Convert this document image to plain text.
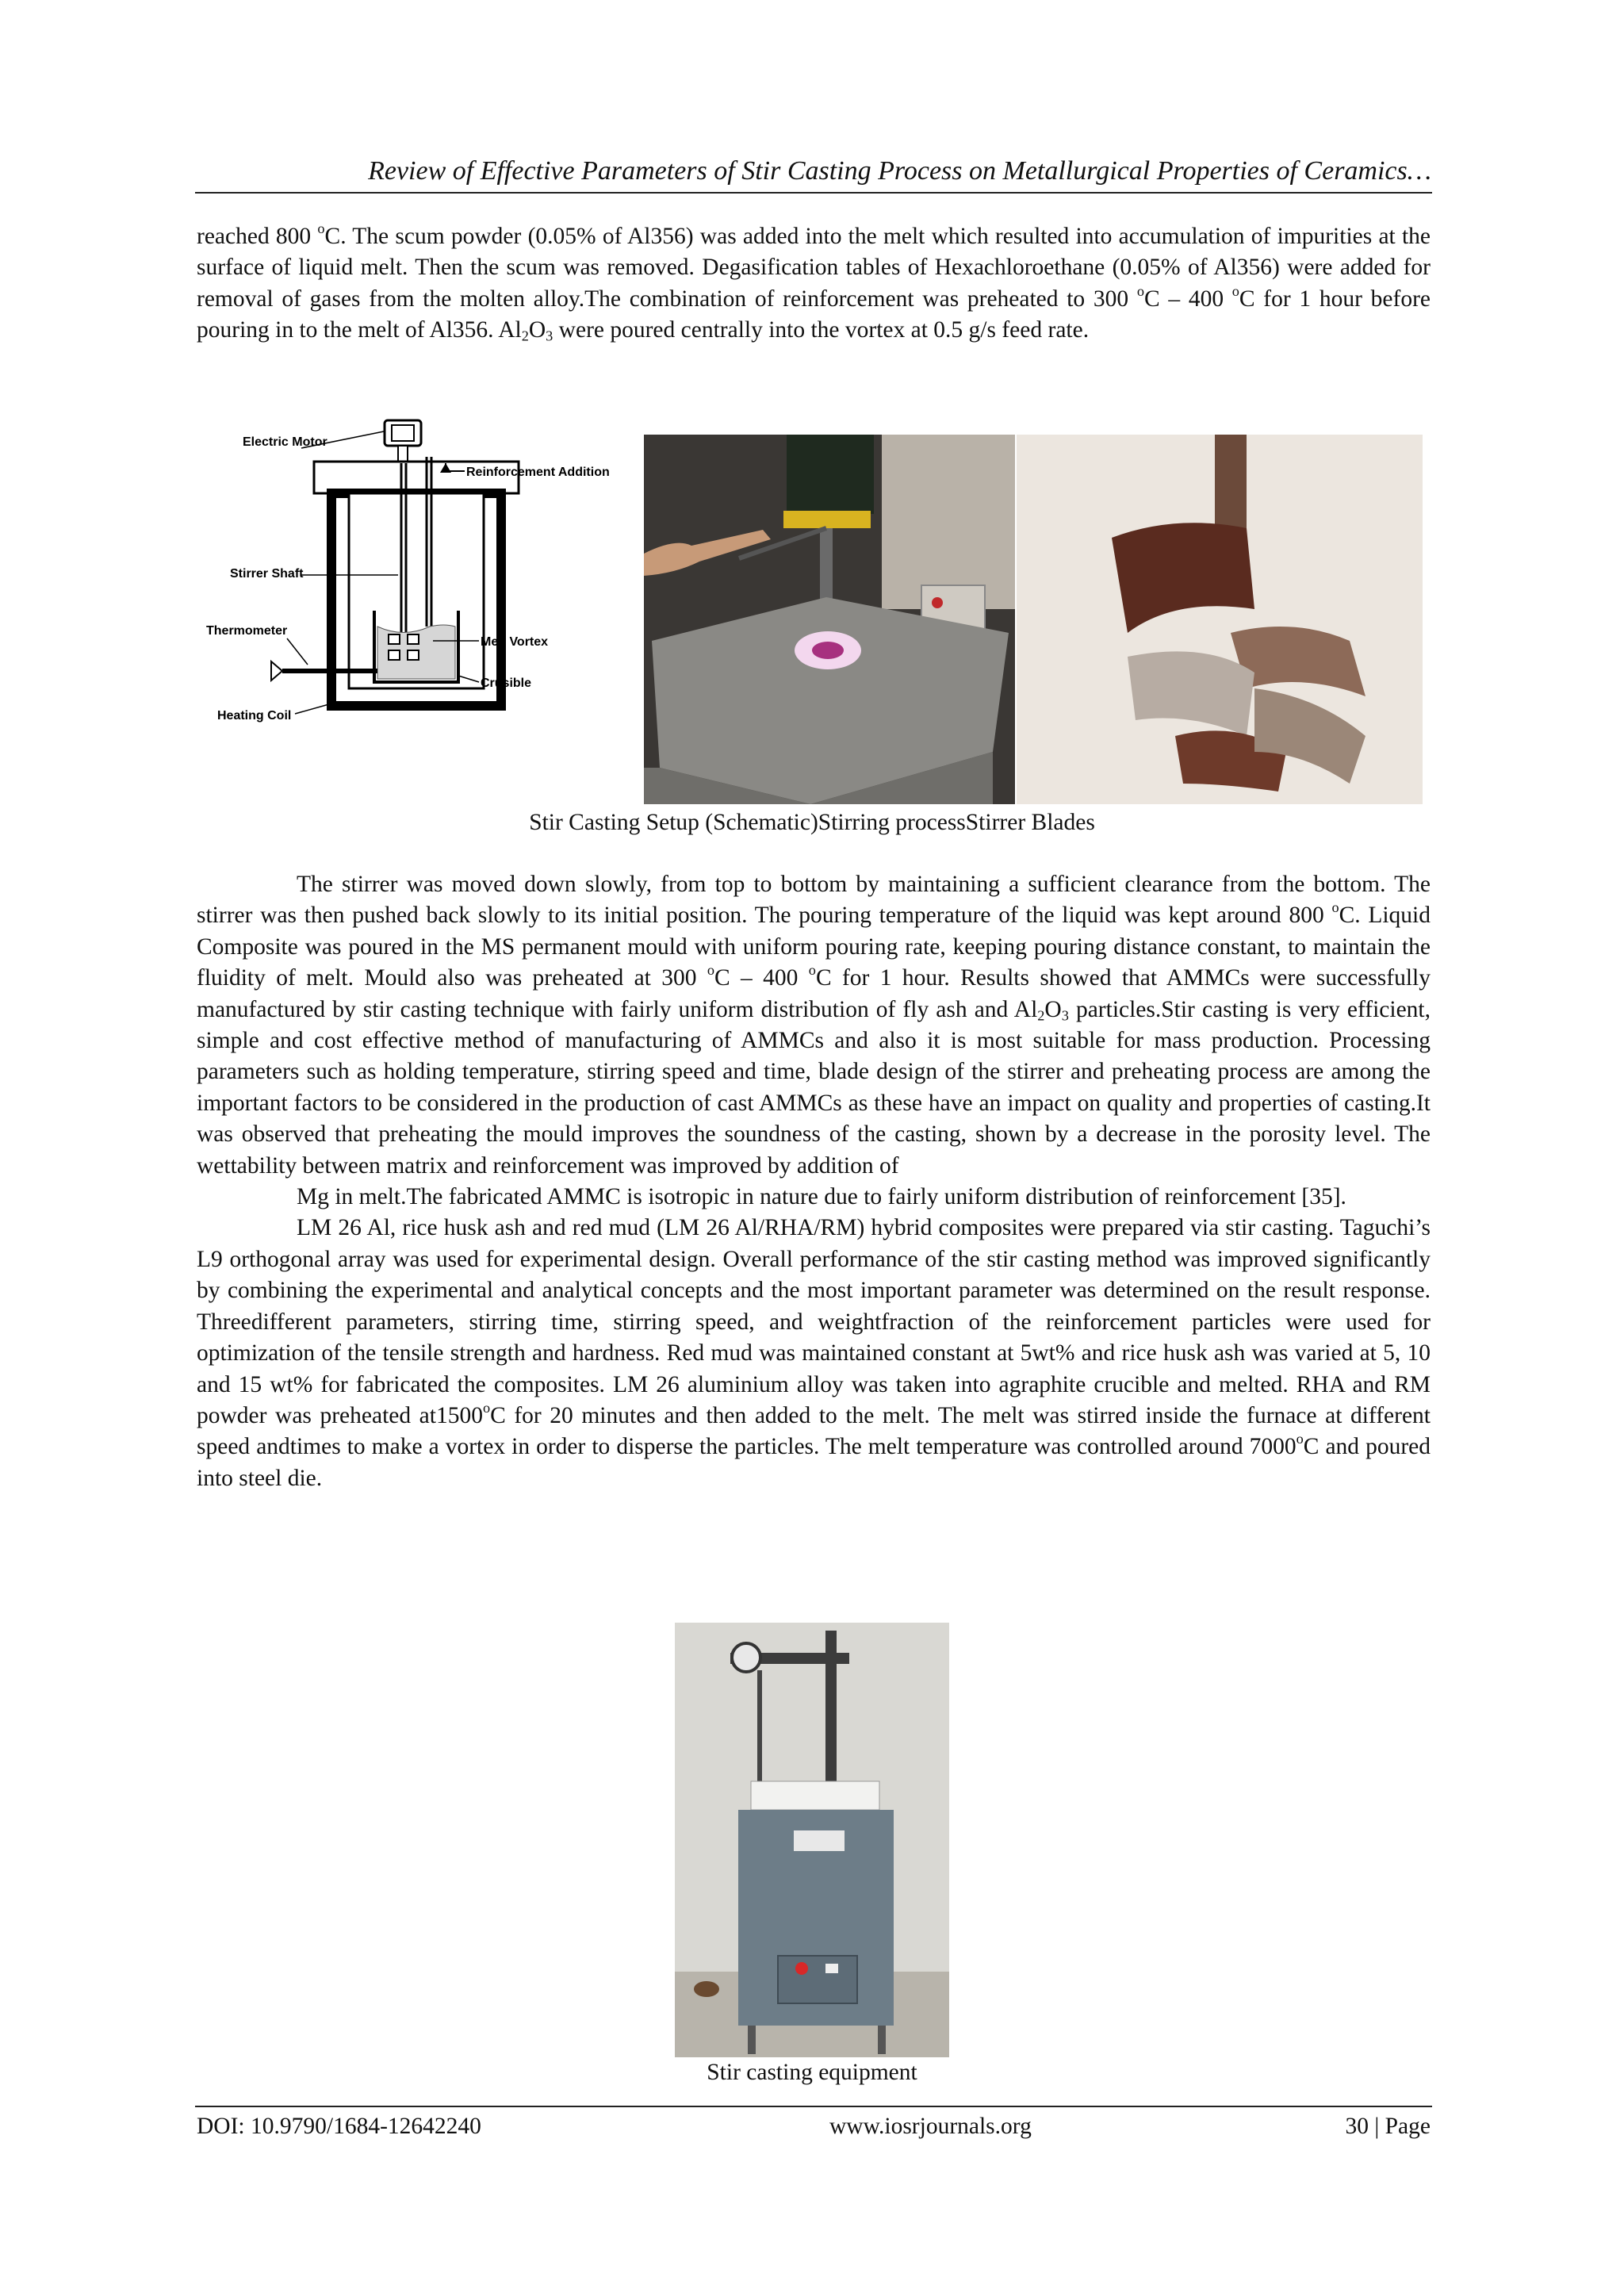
Review of Effective Parameters of Stir Casting Process on Metallurgical Properties of Ceramics…

reached 800 $^o$C. The scum powder (0.05% of Al356) was added into the melt which resulted into accumulation of impurities at the surface of liquid melt. Then the scum was removed. Degasification tables of Hexachloroethane (0.05% of Al356) were added for removal of gases from the molten alloy.The combination of reinforcement was preheated to 300 $^o$C – 400 $^o$C for 1 hour before pouring in to the melt of Al356. $Al_2O_3$ were poured centrally into the vortex at 0.5 g/s feed rate.

Electric Motor
Reinforcement Addition
Stirrer Shaft
Thermometer
Melt Vortex
Crusible
Heating Coil
Stir Casting Setup (Schematic)Stirring processStirrer Blades

The stirrer was moved down slowly, from top to bottom by maintaining a sufficient clearance from the bottom. The stirrer was then pushed back slowly to its initial position. The pouring temperature of the liquid was kept around 800 $^o$C. Liquid Composite was poured in the MS permanent mould with uniform pouring rate, keeping pouring distance constant, to maintain the fluidity of melt. Mould also was preheated at 300 $^o$C – 400 $^o$C for 1 hour. Results showed that AMMCs were successfully manufactured by stir casting technique with fairly uniform distribution of fly ash and $Al_2O_3$ particles.Stir casting is very efficient, simple and cost effective method of manufacturing of AMMCs and also it is most suitable for mass production. Processing parameters such as holding temperature, stirring speed and time, blade design of the stirrer and preheating process are among the important factors to be considered in the production of cast AMMCs as these have an impact on quality and properties of casting.It was observed that preheating the mould improves the soundness of the casting, shown by a decrease in the porosity level. The wettability between matrix and reinforcement was improved by addition of

Mg in melt.The fabricated AMMC is isotropic in nature due to fairly uniform distribution of reinforcement [35].

LM 26 Al, rice husk ash and red mud (LM 26 Al/RHA/RM) hybrid composites were prepared via stir casting. Taguchi’s L9 orthogonal array was used for experimental design. Overall performance of the stir casting method was improved significantly by combining the experimental and analytical concepts and the most important parameter was determined on the result response. Threedifferent parameters, stirring time, stirring speed, and weightfraction of the reinforcement particles were used for optimization of the tensile strength and hardness. Red mud was maintained constant at 5wt% and rice husk ash was varied at 5, 10 and 15 wt% for fabricated the composites. LM 26 aluminium alloy was taken into agraphite crucible and melted. RHA and RM powder was preheated at1500$^o$C for 20 minutes and then added to the melt. The melt was stirred inside the furnace at different speed andtimes to make a vortex in order to disperse the particles. The melt temperature was controlled around 7000$^o$C and poured into steel die.

Stir casting equipment
DOI: 10.9790/1684-12642240	www.iosrjournals.org	30 | Page
